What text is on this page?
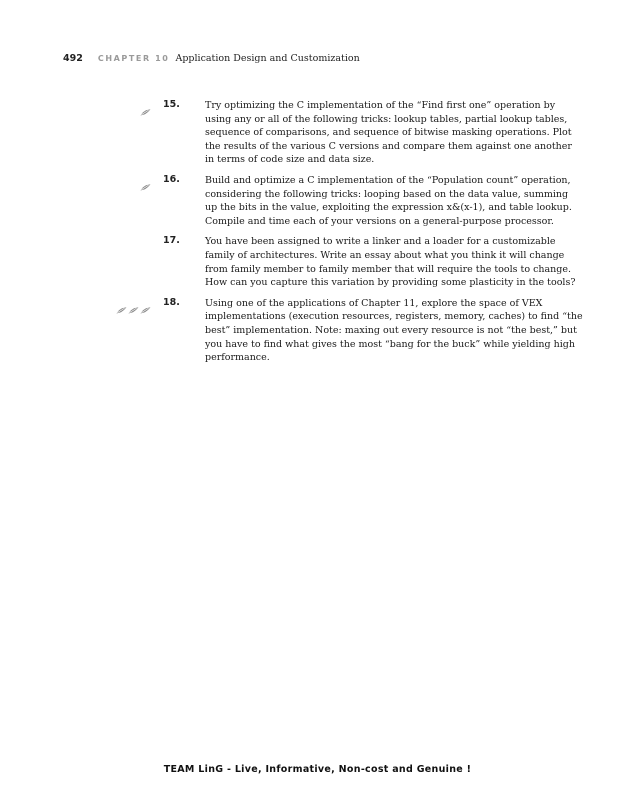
492 CHAPTER 10 Application Design and Customization
15.	Try optimizing the C implementation of the “Find first one” operation by
using any or all of the following tricks: lookup tables, partial lookup tables,
sequence of comparisons, and sequence of bitwise masking operations. Plot
the results of the various C versions and compare them against one another
in terms of code size and data size.
16.	Build and optimize a C implementation of the “Population count” operation,
considering the following tricks: looping based on the data value, summing
up the bits in the value, exploiting the expression x&(x-1), and table lookup.
Compile and time each of your versions on a general-purpose processor.
17.	You have been assigned to write a linker and a loader for a customizable
family of architectures. Write an essay about what you think it will change
from family member to family member that will require the tools to change.
How can you capture this variation by providing some plasticity in the tools?
18.	Using one of the applications of Chapter 11, explore the space of VEX
implementations (execution resources, registers, memory, caches) to find “the
best” implementation. Note: maxing out every resource is not “the best,” but
you have to find what gives the most “bang for the buck” while yielding high
performance.
TEAM LinG - Live, Informative, Non-cost and Genuine !
